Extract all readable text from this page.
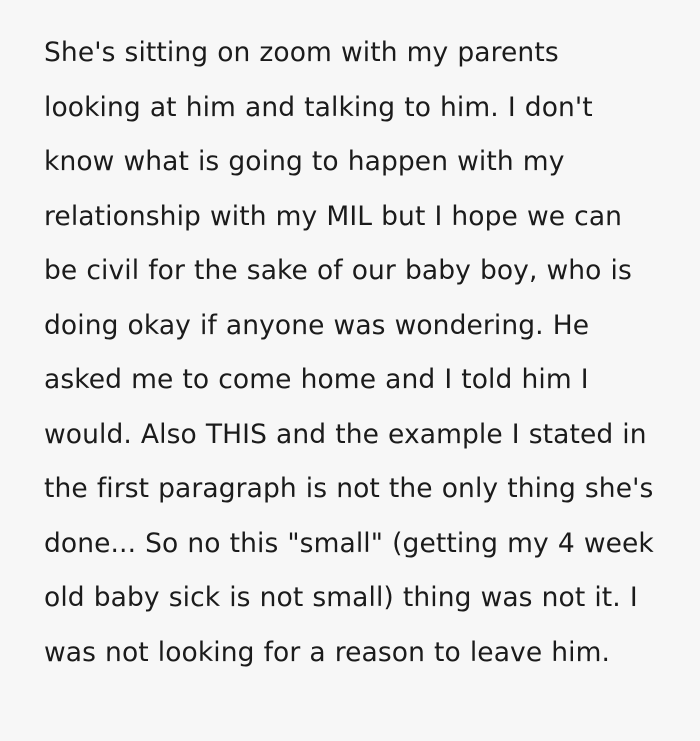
She's sitting on zoom with my parents looking at him and talking to him. I don't know what is going to happen with my relationship with my MIL but I hope we can be civil for the sake of our baby boy, who is doing okay if anyone was wondering. He asked me to come home and I told him I would. Also THIS and the example I stated in the first paragraph is not the only thing she's done... So no this "small" (getting my 4 week old baby sick is not small) thing was not it. I was not looking for a reason to leave him.
